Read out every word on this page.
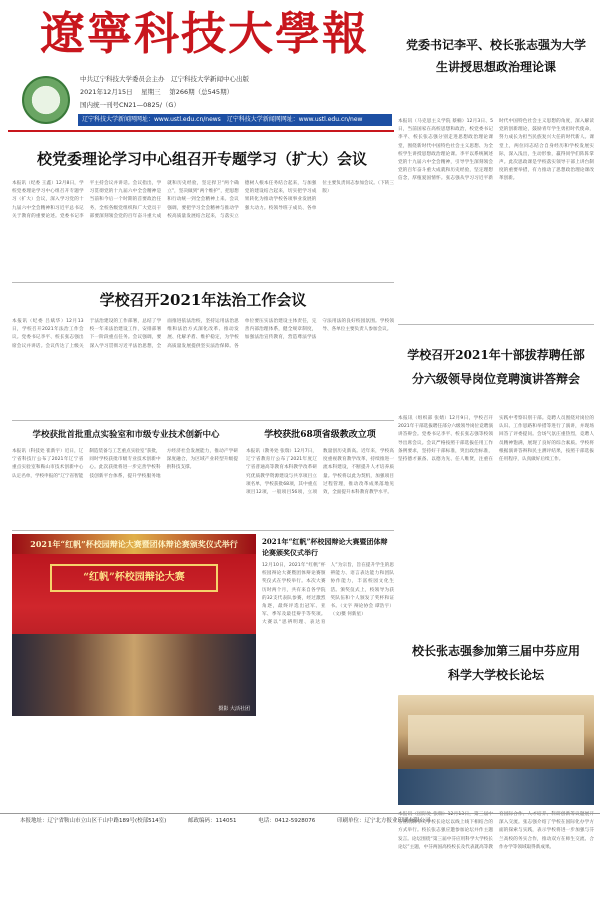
遼寧科技大學報
中共辽宁科技大学委员会主办　辽宁科技大学新闻中心出版
2021年12月15日　 星期三　 第266期（总545期）
国内统一刊号CN21—0825/（G）
辽宁科技大学新闻网网址：www.ustl.edu.cn/news　辽宁科技大学新闻网网址：www.ustl.edu.cn/new
党委书记李平、校长张志强为大学生讲授思想政治理论课
本报讯（马克思主义学院 蔡楠）12月3日、5日，当前国家在高校思想和政治，校党委书记李平、校长张志强分别走进思想政治理论课堂，围绕新时代中国特色社会主义思想、为全校学生讲授思想政治理论课。李平以系统阐述党的十九届六中全会精神，引导学生深刻领会党的百年奋斗重大成就和历史经验，坚定理想信念，厚植爱国情怀。张志强从学习习近平新时代中国特色社会主义思想的角度，深入解读党的创新理论，鼓励青年学生勇担时代使命，努力成长为担当民族复兴大任的时代新人。课堂上，两位同志结合自身经历和学校发展实际，深入浅出，生动形象，赢得同学们阵阵掌声。此次思政课是学校落实领导干部上讲台制度的重要举措，有力推动了思想政治理论课改革创新。
学校召开2021年十部拔荐聘任部分六级领导岗位竞聘演讲答辩会
本报讯（组织部 张婧）12月9日，学校召开2021年干部选拔聘任部分六级领导岗位竞聘演讲答辩会。党委书记李平、校长张志强等校领导出席会议。会议严格按照干部选拔任用工作条例要求，坚持好干部标准，突出政治标准，坚持德才兼备、以德为先、任人唯贤，注重在实践中考察识别干部。竞聘人员围绕对岗位的认识、工作思路和举措等进行了演讲，并现场回答了评委提问。会场气氛庄重热烈，竞聘人员精神饱满，展现了良好的综合素质。学校将根据演讲答辩和民主测评结果，按照干部选拔任用程序，认真做好后续工作。
校长张志强参加第三届中芬应用科学大学校长论坛
本报讯（国际处 张瑞）12月13日，第三届中芬应用科学大学校长论坛以线上线下相结合的方式举行。校长张志强应邀参加论坛并作主题发言。论坛围绕“第三届中芬应用科学大学校长论坛”主题，中芬两国高校校长及代表就高等教育国际合作、人才培养、科研创新等议题展开深入交流。张志强介绍了学校在国际化办学方面的探索与实践，表示学校将进一步加强与芬兰高校的务实合作，推动双方在师生交流、合作办学等领域取得新成果。
校党委理论学习中心组召开专题学习（扩大）会议
本报讯（纪委 王鑫）12月8日，学校党委理论学习中心组召开专题学习（扩大）会议，深入学习党的十九届六中全会精神和习近平总书记关于教育的重要论述。党委书记李平主持会议并讲话。会议指出，学习贯彻党的十九届六中全会精神是当前和今后一个时期的首要政治任务，全校各级党组织和广大党员干部要深刻领会党的百年奋斗重大成就和历史经验，坚定捍卫“两个确立”，坚决做到“两个维护”，把思想和行动统一到全会精神上来。会议强调，要把学习全会精神与推动学校高质量发展结合起来，与落实立德树人根本任务结合起来，与加强党的建设结合起来，切实把学习成果转化为推动学校各项事业发展的强大动力。校领导班子成员、各单位主要负责同志参加会议。（下转三版）
学校召开2021年法治工作会议
本报讯（纪委 吕斌华）12月13日，学校召开2021年法治工作会议。党委书记李平、校长张志强出席会议并讲话。会议传达了上级关于法治建设的工作部署，总结了学校一年来法治建设工作，安排部署下一阶段重点任务。会议强调，要深入学习贯彻习近平法治思想，全面推进依法治校，坚持运用法治思维和法治方式深化改革、推动发展、化解矛盾、维护稳定，为学校高质量发展提供坚实法治保障。各单位要压实法治建设主体责任，完善内部治理体系，健全规章制度，加强法治宣传教育，营造尊法学法守法用法的良好校园氛围。学校领导、各单位主要负责人参加会议。
学校获批首批重点实验室和市级专业技术创新中心
本报讯（科技处 崔新宇）近日，辽宁省科技厅公布了2021年辽宁省重点实验室和鞍山市技术创新中心认定名单，学校申报的“辽宁省智能制造装备与工艺重点实验室”获批，同时学校获批市级专业技术创新中心。此次获批将进一步完善学校科技创新平台体系，提升学校服务地方经济社会发展能力，推动产学研深度融合，为区域产业转型升级提供科技支撑。
学校获批68项省级教改立项
本报讯（教务处 张瑞）12月7日，辽宁省教育厅公布了2021年度辽宁省普通高等教育本科教学改革研究优质教学资源建设与共享项目立项名单，学校获批68项，其中重点项目12项，一般项目56项，立项数量创历史新高。近年来，学校高度重视教育教学改革，持续推进一流本科建设，不断提升人才培养质量。学校将以此为契机，加强项目过程管理，推动改革成果落地见效，全面提升本科教育教学水平。
2021年“红帆”杯校园辩论大赛暨团体辩论赛颁奖仪式举行
“红帆”杯校园辩论大赛
摄影 大活社团
2021年“红帆”杯校园辩论大赛暨团体辩论赛颁奖仪式举行
12月10日，2021年“红帆”杯校园辩论大赛暨团体辩论赛颁奖仪式在学校举行。本次大赛历时两个月，共有来自各学院的32支代表队参赛，经过激烈角逐，最终评选出冠军、亚军、季军及最佳辩手等奖项。大赛以“思辨明理、表达育人”为宗旨，旨在提升学生的思辨能力、语言表达能力和团队协作能力，丰富校园文化生活。颁奖仪式上，校领导为获奖队伍和个人颁发了奖杯和证书。（文字 辩论协会 谭浩宇）（文/摄 何新星）
本报地址：辽宁省鞍山市立山区千山中路189号(校部514室)	邮政编码：114051	电话：0412-5928076	印刷单位：辽宁北方报业印刷有限公司
